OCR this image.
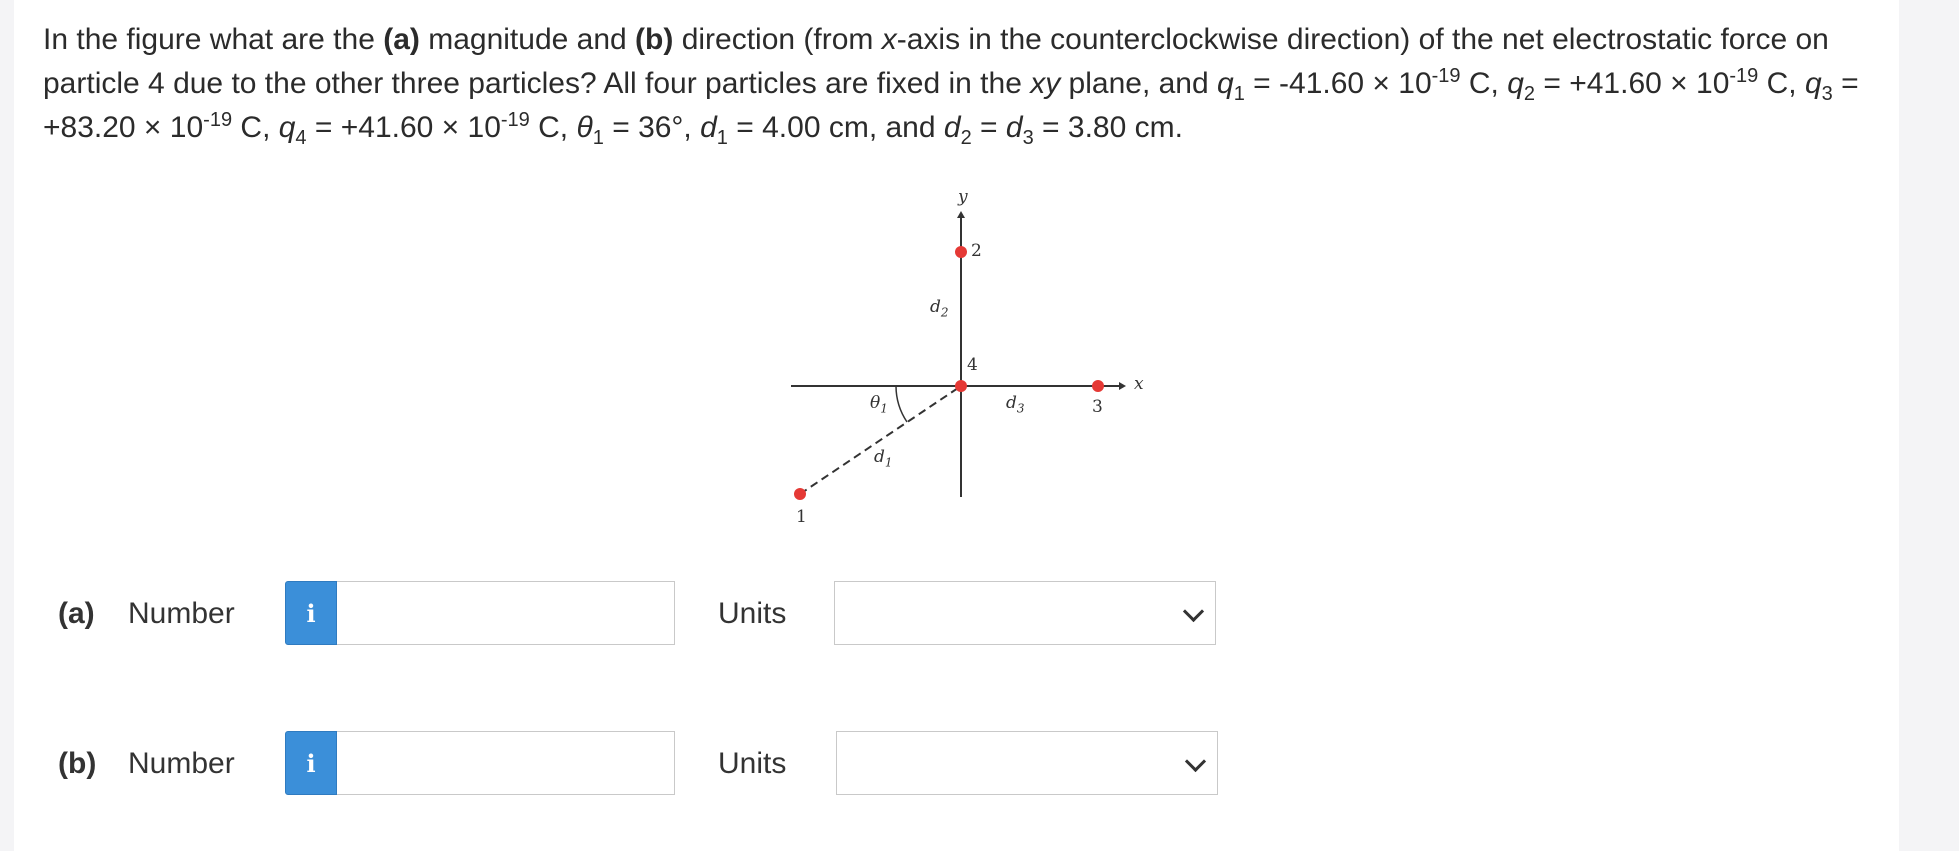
In the figure what are the (a) magnitude and (b) direction (from x-axis in the counterclockwise direction) of the net electrostatic force on particle 4 due to the other three particles? All four particles are fixed in the xy plane, and $q_1 = -41.60 \times 10^{-19}$ C, $q_2 = +41.60 \times 10^{-19}$ C, $q_3 = +83.20 \times 10^{-19}$ C, $q_4 = +41.60 \times 10^{-19}$ C, $\theta_1 = 36^\circ$, $d_1 = 4.00$ cm, and $d_2 = d_3 = 3.80$ cm.
y
x
2
4
3
1
$d_2$
$d_3$
$\theta_1$
$d_1$
(a) Number	i	Units
(b) Number	i	Units
